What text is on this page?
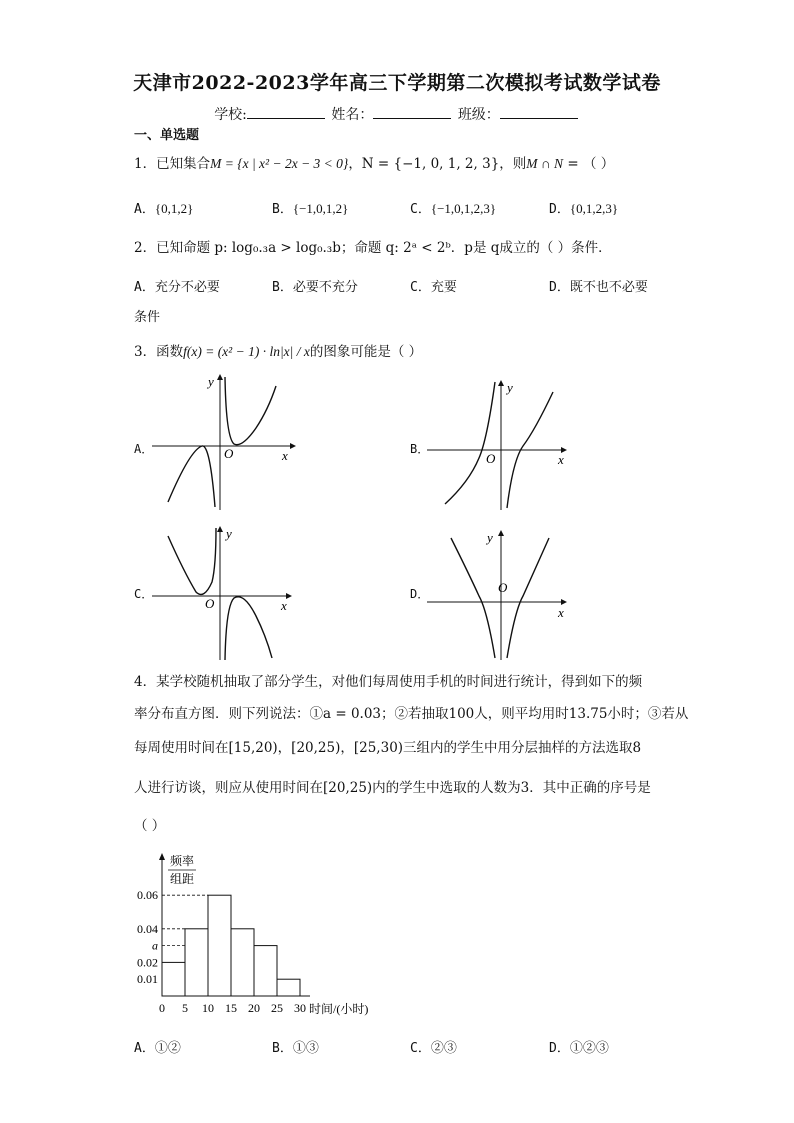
天津市2022-2023学年高三下学期第二次模拟考试数学试卷
学校:	姓名：	班级：
一、单选题
1．已知集合M = {x | x² − 2x − 3 < 0}，N = {−1, 0, 1, 2, 3}，则M ∩ N = （ ）
A．{0,1,2}	B．{−1,0,1,2}	C．{−1,0,1,2,3}	D．{0,1,2,3}
2．已知命题 p: log₀.₃a > log₀.₃b；命题 q: 2ᵃ < 2ᵇ．p是 q成立的（ ）条件．
A．充分不必要	B．必要不充分	C．充要	D．既不也不必要
条件
3．函数f(x) = (x² − 1) · ln|x| / x的图象可能是（ ）
A．	B．
C．	D．
y
x
O
y
x
O
y
x
O
y
x
O
4．某学校随机抽取了部分学生，对他们每周使用手机的时间进行统计，得到如下的频
率分布直方图．则下列说法：①a = 0.03；②若抽取100人，则平均用时13.75小时；③若从
每周使用时间在[15,20)，[20,25)，[25,30)三组内的学生中用分层抽样的方法选取8
人进行访谈，则应从使用时间在[20,25)内的学生中选取的人数为3．其中正确的序号是
（ ）
频率
组距
0.06
0.04
a
0.02
0.01
0 5 10 15 20 25 30 时间/(小时)
A．①②	B．①③	C．②③	D．①②③
